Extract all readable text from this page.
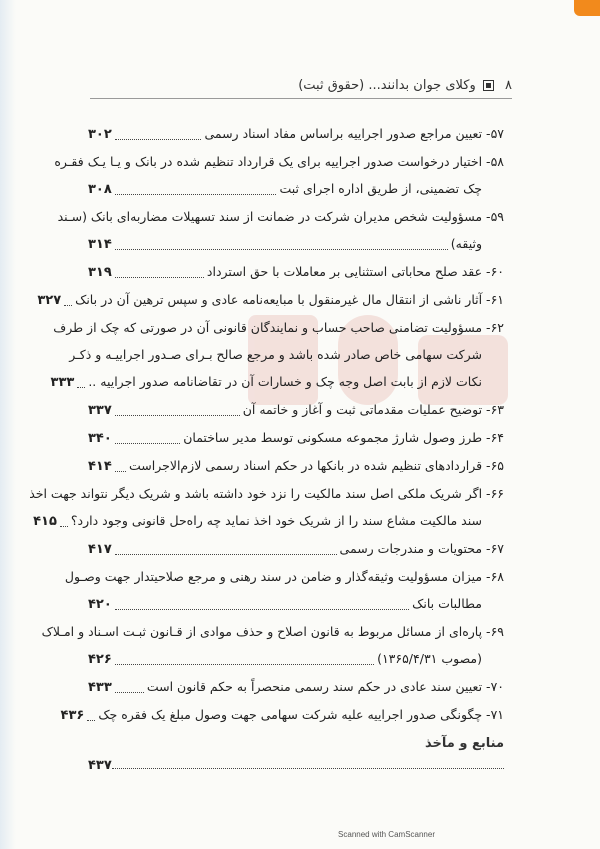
۸  وکلای جوان بدانند... (حقوق ثبت)
۵۷- تعیین مراجع صدور اجراییه براساس مفاد اسناد رسمی
۳۰۲
۵۸- اختیار درخواست صدور اجراییه برای یک قرارداد تنظیم شده در بانک و یـا یـک فقـره
چک تضمینی، از طریق اداره اجرای ثبت
۳۰۸
۵۹- مسؤولیت شخص مدیران شرکت در ضمانت از سند تسهیلات مضاربه‌ای بانک (سـند
وثیقه)
۳۱۴
۶۰- عقد صلح محاباتی استثنایی بر معاملات با حق استرداد
۳۱۹
۶۱- آثار ناشی از انتقال مال غیرمنقول با مبایعه‌نامه عادی و سپس ترهین آن در بانک
۳۲۷
۶۲- مسؤولیت تضامنی صاحب حساب و نمایندگان قانونی آن در صورتی که چک از طرف
شرکت سهامی خاص صادر شده باشد و مرجع صالح بـرای صـدور اجراییـه و ذکـر
نکات لازم از بابت اصل وجه چک و خسارات آن در تقاضانامه صدور اجراییه ..
۳۳۳
۶۳- توضیح عملیات مقدماتی ثبت و آغاز و خاتمه آن
۳۳۷
۶۴- طرز وصول شارژ مجموعه مسکونی توسط مدیر ساختمان
۳۴۰
۶۵- قراردادهای تنظیم شده در بانکها در حکم اسناد رسمی لازم‌الاجراست
۴۱۴
۶۶- اگر شریک ملکی اصل سند مالکیت را نزد خود داشته باشد و شریک دیگر نتواند جهت اخذ
سند مالکیت مشاع سند را از شریک خود اخذ نماید چه راه‌حل قانونی وجود دارد؟
۴۱۵
۶۷- محتویات و مندرجات رسمی
۴۱۷
۶۸- میزان مسؤولیت وثیقه‌گذار و ضامن در سند رهنی و مرجع صلاحیتدار جهت وصـول
مطالبات بانک
۴۲۰
۶۹- پاره‌ای از مسائل مربوط به قانون اصلاح و حذف موادی از قـانون ثبـت اسـناد و امـلاک
(مصوب ۱۳۶۵/۴/۳۱)
۴۲۶
۷۰- تعیین سند عادی در حکم سند رسمی منحصراً به حکم قانون است
۴۳۳
۷۱- چگونگی صدور اجراییه علیه شرکت سهامی جهت وصول مبلغ یک فقره چک
۴۳۶
منابع و مآخذ
۴۳۷
Scanned with CamScanner
